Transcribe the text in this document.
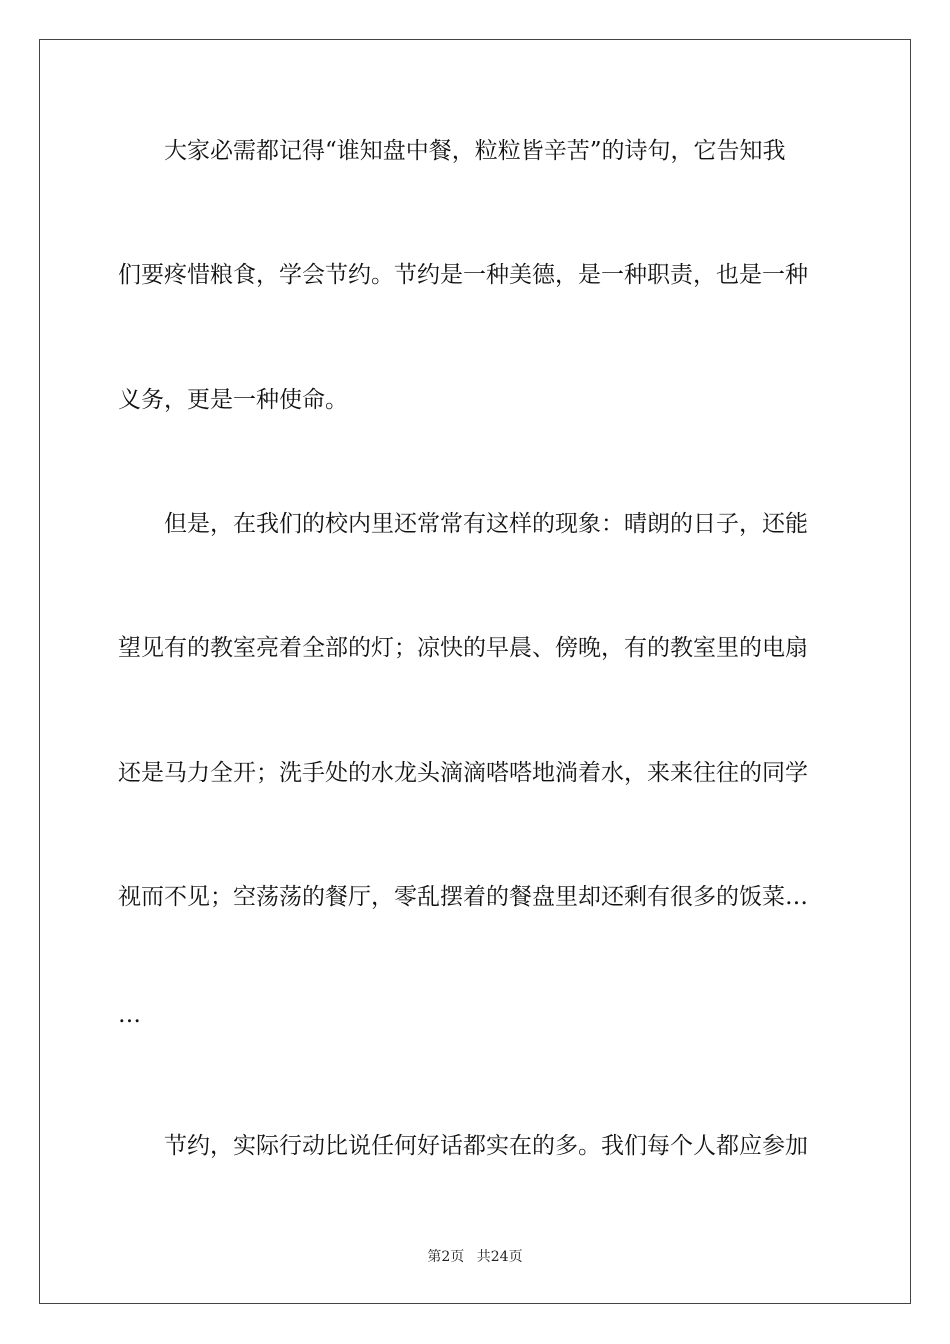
大家必需都记得“谁知盘中餐，粒粒皆辛苦”的诗句，它告知我
们要疼惜粮食，学会节约。节约是一种美德，是一种职责，也是一种
义务，更是一种使命。
但是，在我们的校内里还常常有这样的现象：晴朗的日子，还能
望见有的教室亮着全部的灯；凉快的早晨、傍晚，有的教室里的电扇
还是马力全开；洗手处的水龙头滴滴嗒嗒地淌着水，来来往往的同学
视而不见；空荡荡的餐厅，零乱摆着的餐盘里却还剩有很多的饭菜…
…
节约，实际行动比说任何好话都实在的多。我们每个人都应参加
第2页 共24页
